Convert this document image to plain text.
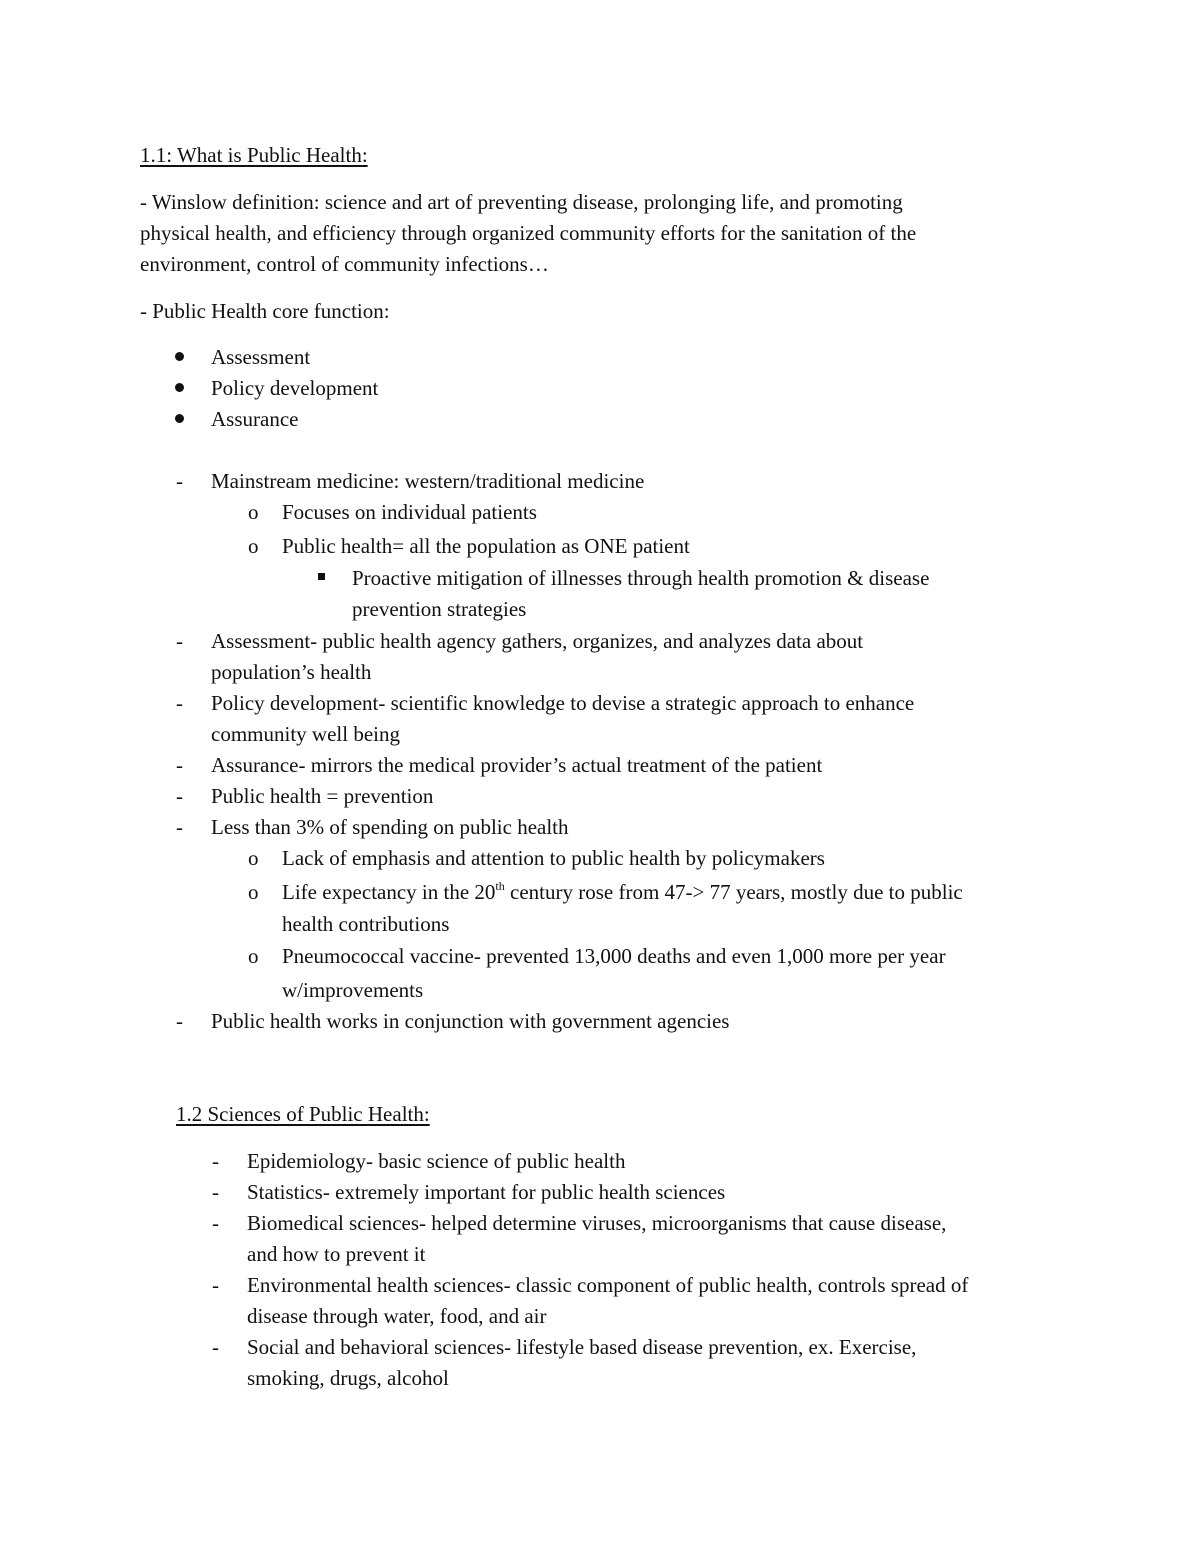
1.1: What is Public Health:
- Winslow definition: science and art of preventing disease, prolonging life, and promoting
physical health, and efficiency through organized community efforts for the sanitation of the
environment, control of community infections…
- Public Health core function:
Assessment
Policy development
Assurance
- Mainstream medicine: western/traditional medicine
o Focuses on individual patients
o Public health= all the population as ONE patient
Proactive mitigation of illnesses through health promotion & disease
prevention strategies
- Assessment- public health agency gathers, organizes, and analyzes data about
population’s health
- Policy development- scientific knowledge to devise a strategic approach to enhance
community well being
- Assurance- mirrors the medical provider’s actual treatment of the patient
- Public health = prevention
- Less than 3% of spending on public health
o Lack of emphasis and attention to public health by policymakers
o Life expectancy in the 20th century rose from 47-> 77 years, mostly due to public
health contributions
o Pneumococcal vaccine- prevented 13,000 deaths and even 1,000 more per year
w/improvements
- Public health works in conjunction with government agencies
1.2 Sciences of Public Health:
- Epidemiology- basic science of public health
- Statistics- extremely important for public health sciences
- Biomedical sciences- helped determine viruses, microorganisms that cause disease,
and how to prevent it
- Environmental health sciences- classic component of public health, controls spread of
disease through water, food, and air
- Social and behavioral sciences- lifestyle based disease prevention, ex. Exercise,
smoking, drugs, alcohol
